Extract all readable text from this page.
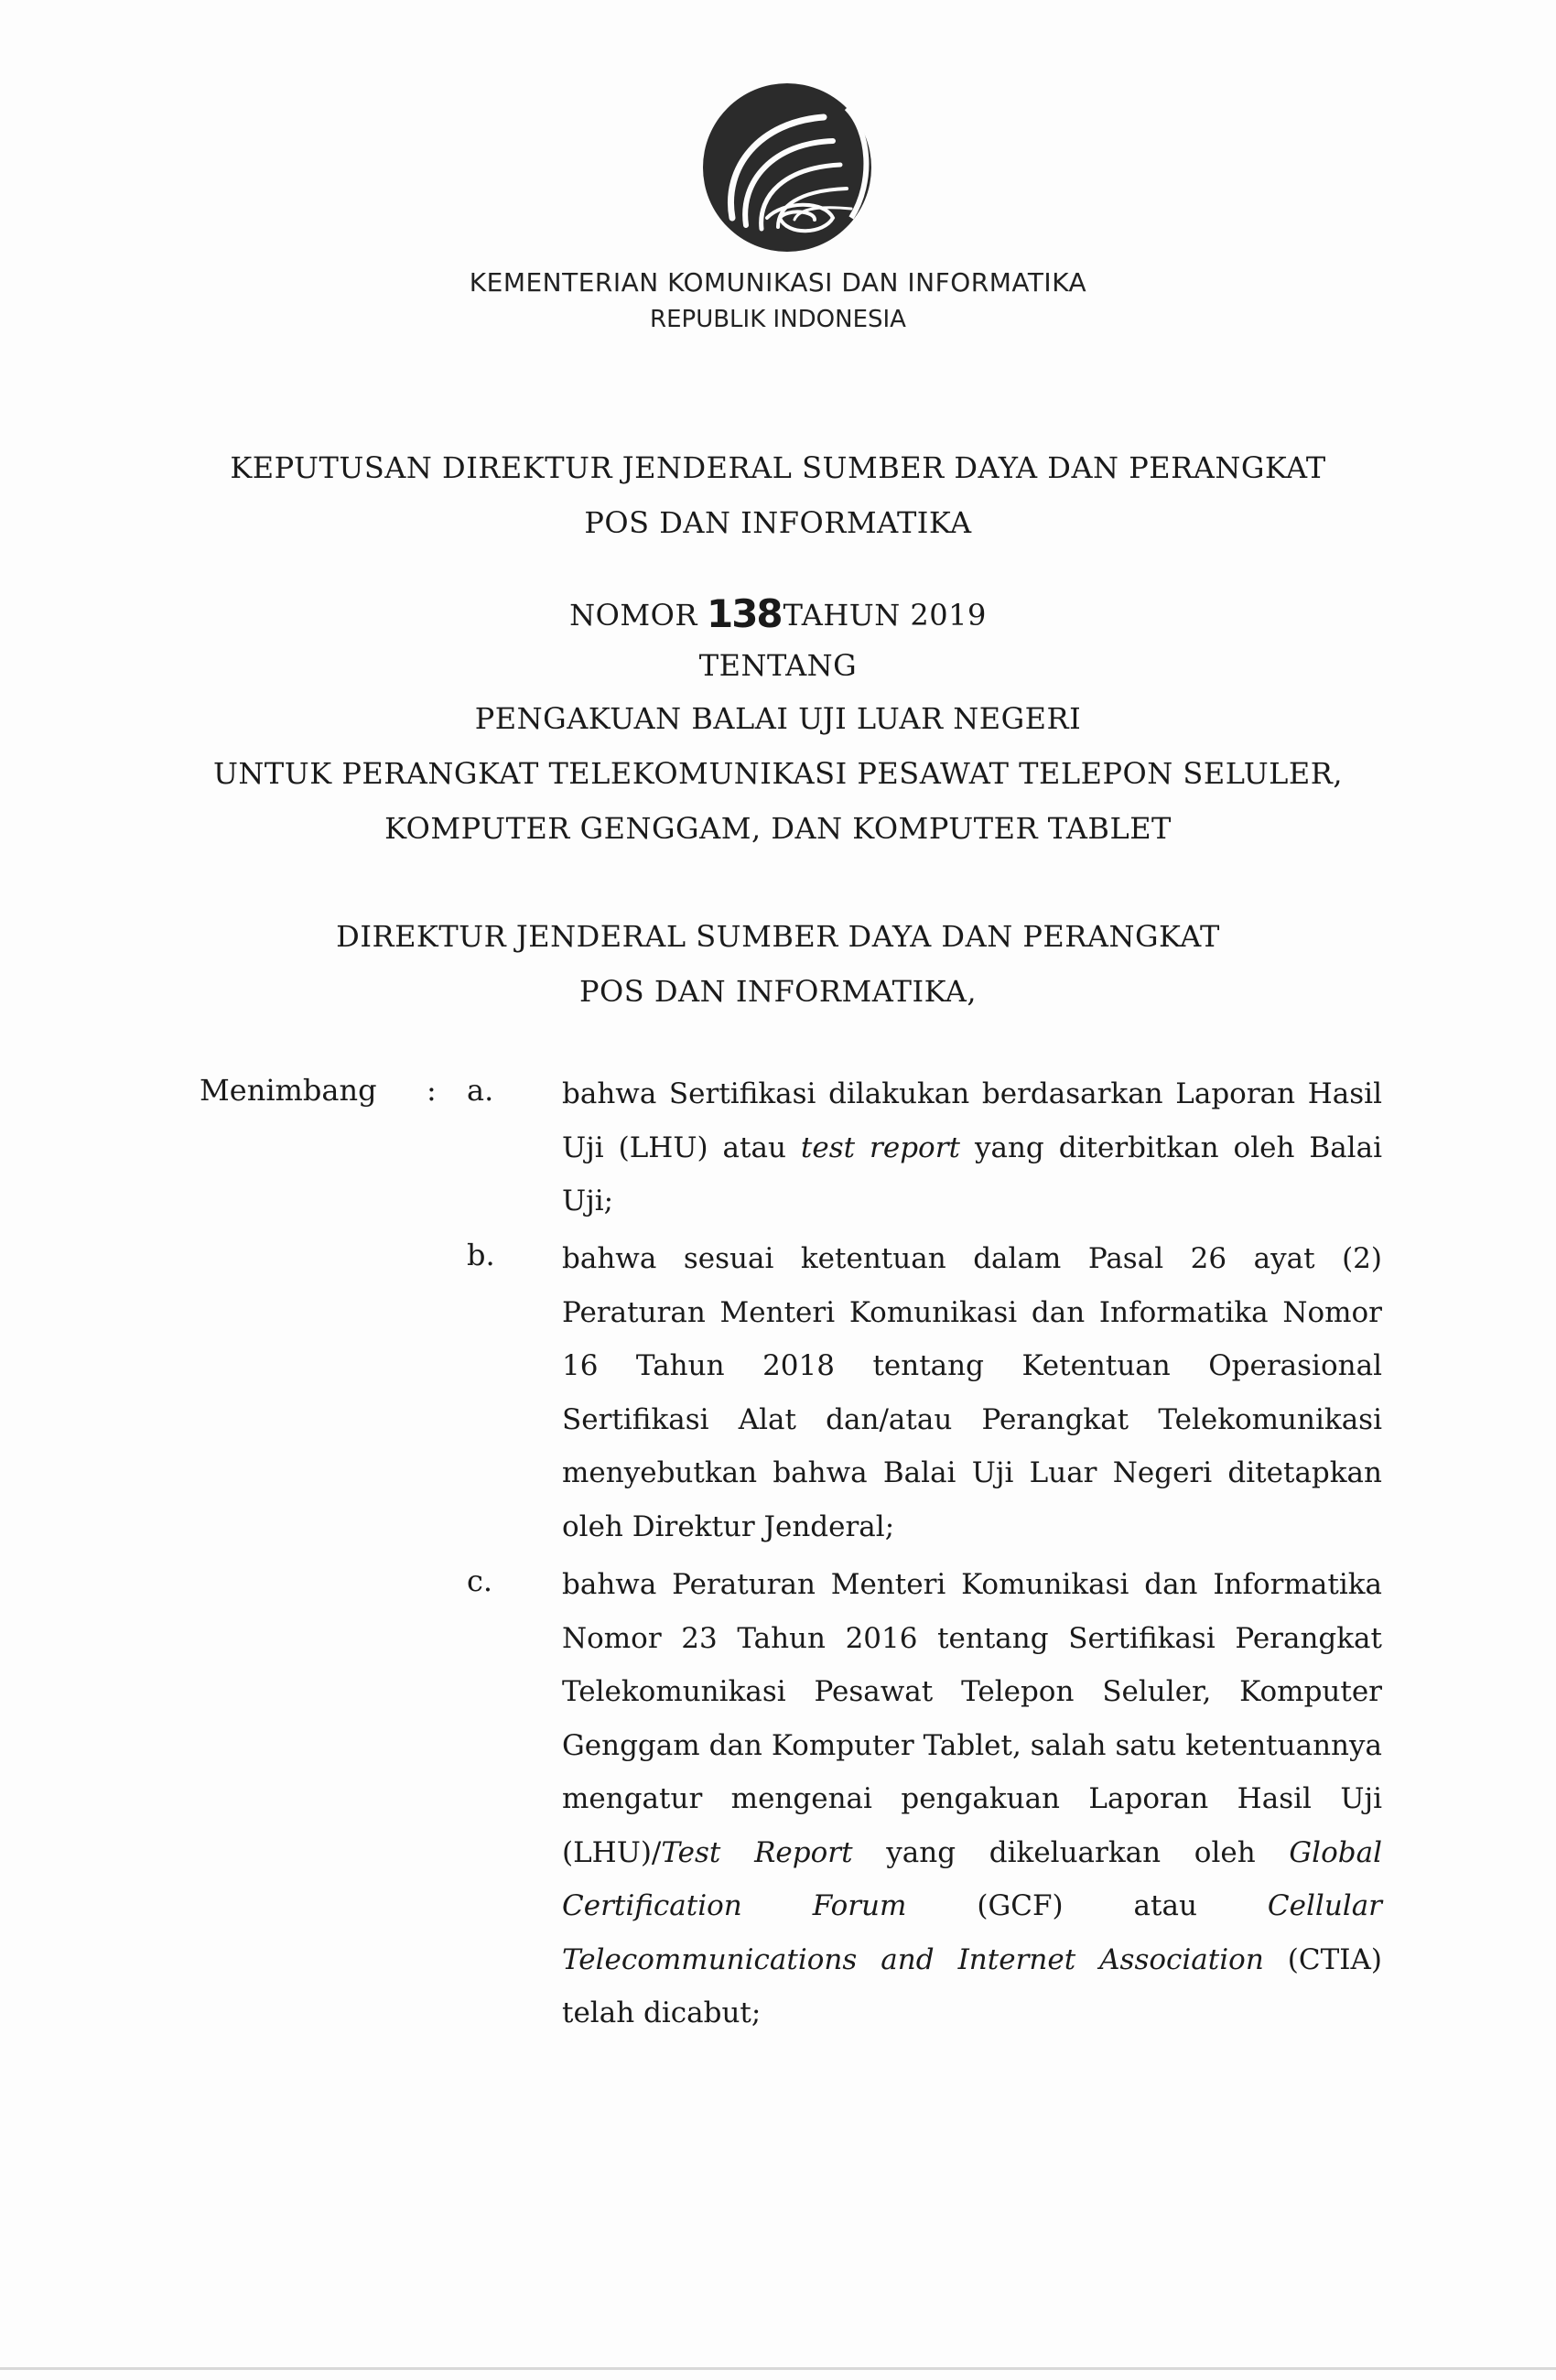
KEMENTERIAN KOMUNIKASI DAN INFORMATIKA
REPUBLIK INDONESIA
KEPUTUSAN DIREKTUR JENDERAL SUMBER DAYA DAN PERANGKAT
POS DAN INFORMATIKA
NOMOR 138TAHUN 2019
TENTANG
PENGAKUAN BALAI UJI LUAR NEGERI
UNTUK PERANGKAT TELEKOMUNIKASI PESAWAT TELEPON SELULER,
KOMPUTER GENGGAM, DAN KOMPUTER TABLET
DIREKTUR JENDERAL SUMBER DAYA DAN PERANGKAT
POS DAN INFORMATIKA,
Menimbang : a. bahwa Sertifikasi dilakukan berdasarkan Laporan Hasil Uji (LHU) atau test report yang diterbitkan oleh Balai Uji;
b. bahwa sesuai ketentuan dalam Pasal 26 ayat (2) Peraturan Menteri Komunikasi dan Informatika Nomor 16 Tahun 2018 tentang Ketentuan Operasional Sertifikasi Alat dan/atau Perangkat Telekomunikasi menyebutkan bahwa Balai Uji Luar Negeri ditetapkan oleh Direktur Jenderal;
c. bahwa Peraturan Menteri Komunikasi dan Informatika Nomor 23 Tahun 2016 tentang Sertifikasi Perangkat Telekomunikasi Pesawat Telepon Seluler, Komputer Genggam dan Komputer Tablet, salah satu ketentuannya mengatur mengenai pengakuan Laporan Hasil Uji (LHU)/Test Report yang dikeluarkan oleh Global Certification Forum (GCF) atau Cellular Telecommunications and Internet Association (CTIA) telah dicabut;
